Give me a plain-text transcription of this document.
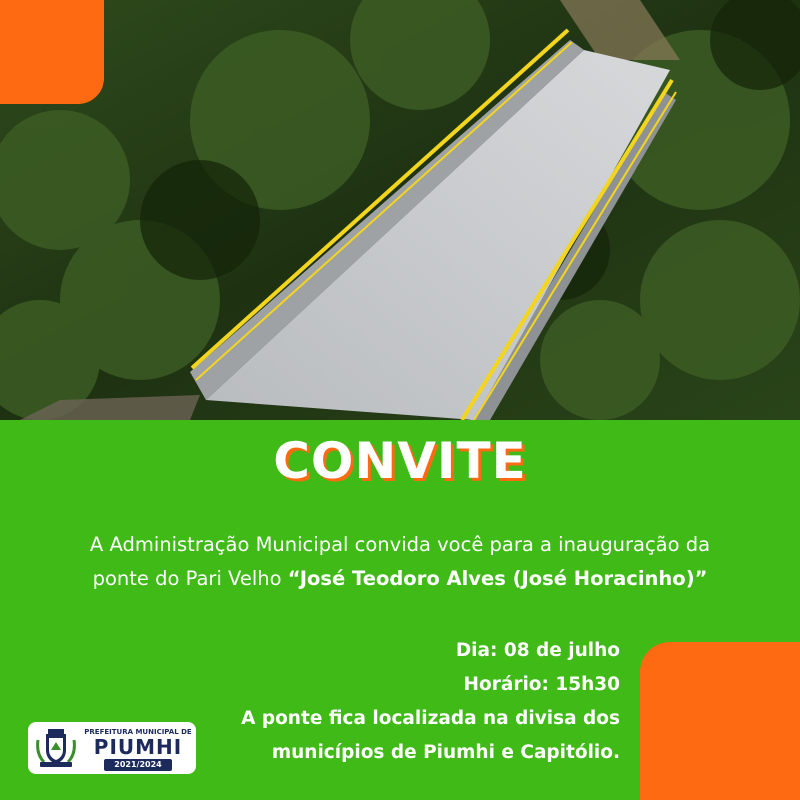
CONVITE
A Administração Municipal convida você para a inauguração da
ponte do Pari Velho “José Teodoro Alves (José Horacinho)”
Dia: 08 de julho
Horário: 15h30
A ponte fica localizada na divisa dos
municípios de Piumhi e Capitólio.
PREFEITURA MUNICIPAL DE
PIUMHI
2021/2024
